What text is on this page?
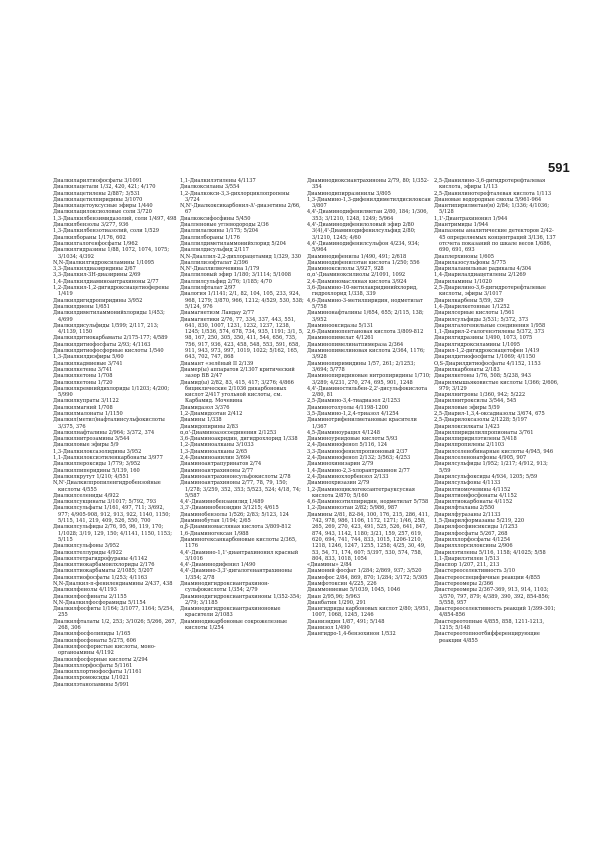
591
Диалкиларилтиофосфаты 3/1091
Диалкилацетали 1/32, 420, 421; 4/170
Диалкилацетилены 2/887; 3/531
Диалкилацетилпиридины 3/1070
Диалкилацетоуксусные эфиры 1/440
Диалкилацилоксиоловые соли 3/720
1,3-Диалкилбензимидазолий, соли 1/497, 498
Диалкилбензолы 3/277, 936
1,3-Диалкилбензотиазолий, соли 1/529
Диалкилбораны 1/176, 602
Диалкилгалогенфосфаты 1/962
Диалкилгидразины 1/88, 1072, 1074, 1075; 3/1034; 4/392
N,N-Диалкилгидроксиламины 1/1095
3,3-Диалкилдиазиридины 2/67
3,3-Диалкил-3Н-диазирины 2/69
1,4-Диалкилдиаминоантрахиноны 2/77
1,2-Диалкил-1,2-дигидроксиацетиоферены 1/419
Диалкилдигидропиридины 3/952
Диалкилдиены 1/651
Диалкилдиметиламмонийхлориды 1/453; 4/699
Диалкилдисульфиды 1/599; 2/117, 213; 4/1139, 1150
Диалкилдитиокарбаматы 2/175-177; 4/589
Диалкилдитиофосфаты 2/93; 4/1163
Диалкилдитиофосфорные кислоты 1/540
1,3-Диалкилдиэфиры 5/60
Диалкилкадмиевые 3/741
Диалкилкетены 3/741
Диалкилкетоны 1/708
Диалкилкетоны 1/720
Диалкилкремнийдихлориды 1/1203; 4/200; 5/990
Диалкилкупраты 3/1122
Диалкилмагний 1/708
Диалкилмалонаты 1/1150
Диалкил(метил)нафталинсульфокислоты 3/375, 376
Диалкилнафталины 2/964; 3/372, 374
Диалкилнитрозамины 3/544
Диалкиловые эфиры 5/9
1,3-Диалкилоксазолидины 3/952
1,1-Диалкилоксиэтиленкарбонаты 3/977
Диалкилпероксиды 1/779; 3/952
Диалкилпиперидины 5/139, 160
Диалкилкрутут 1/210; 4/551
N,N'-Диалкилпропиленгидробензойные кислоты 4/555
Диалкилселениды 4/922
Диалкилсукцинаты 3/1017; 5/792, 793
Диалкилсульфаты 1/161, 497, 711; 3/692, 977; 4/905-908, 912, 913, 922, 1140, 1150; 5/115, 141, 219, 409, 526, 550, 700
Диалкилсульфиды 2/76, 95, 96, 119, 170; 1/1028; 3/19, 129, 150; 4/1141, 1150, 1153; 5/115
Диалкилсульфоны 3/952
Диалкилтеллуриды 4/922
Диалкилтетрагидрофураны 4/1142
Диалкилтиокарбамоилхлориды 2/176
Диалкилтиокарбаматы 2/1085; 5/207
Диалкилтиофосфаты 1/253; 4/1163
N,N-Диалкил-п-фенилендиамины 2/437, 438
Диалкилфенолы 4/1193
Диалкилфосфинаты 2/1155
N,N-Диалкилфосфорамиды 5/1154
Диалкилфосфиты 1/164; 3/1077, 1164; 5/254, 255
Диалкилфталаты 1/2, 253; 3/1026; 5/266, 267, 268, 306
Диалкилфосфолипиды 1/165
Диалкилфосфонаты 5/275, 606
Диалкилфосфористые кислоты, моно-органоамины 4/1192
Диалкилфосфорные кислоты 2/294
Диалкилхлорфосфаты 5/1161
Диалкилхлортиофосфаты 1/1161
Диалкилхромоксиды 1/1021
Диалкилэтаноламины 5/991
1,1-Диалкилэтилены 4/1137
Диалкоксиланы 3/554
1,2-Диалкокси-3,3-дихлорциклопропены 3/724
N,N'-Диалкоксикарбонил-Δ'-диазетины 2/66, 67
Диалкоксифосфины 5/450
Диалленовые углеводороды 2/36
Диаллилалкины 1/175; 5/204
Диаллилбораны 1/176
Диаллилдиметиламмонийхлорид 5/204
Диаллилдисульфид 2/117
N,N-Диаллил-2,2-дихлорацетамид 1/329, 330
Диаллилизофталат 2/396
N,N'-Диаллилмочевина 1/179
Диаллиловый эфир 1/180; 3/1114; 5/1008
Диаллилсульфид 2/76; 1/185; 4/70
Диаллилфталат 2/97
Диалогия 1/1141; 2/1, 82, 104, 105, 233, 924, 968, 1279; 3/870, 966, 1212; 4/529, 530, 538; 5/124, 976
Диамагнетизм Ландау 2/77
Диамагнетики 2/76, 77, 334, 337, 443, 551, 641, 830, 1007, 1231, 1232, 1237, 1238, 1245; 1/536, 574, 678, 734, 935, 1191; 3/1, 5, 98, 167, 250, 305, 350, 411, 544, 656, 735, 756, 917, 936, 423, 458, 548, 553, 591, 658, 911, 943, 973, 997, 1019, 1022; 5/162, 165, 643, 702, 747, 868
Диамант «зелёный II 2/139
Диамер(ы) аппаратов 2/1307 критический зазор ВВ 2/47
Диамид(ы) 2/82, 83, 415, 417; 3/276; 4/866 бициклические 2/1036 дикарбоновых кислот 2/417 угольной кислоты, см. Карбамид. Мочевина
Диамидазол 3/376
1,2-Диамидоэтан 2/412
Диамины 1/338
Диамидопирины 2/83
α,α'-Диаминоазосоединения 2/1253
3,6-Диаминоакридин, дигидрохлорид 1/338
1,2-Диаминоалканы 3/1033
1,3-Диаминоалканы 2/65
2,4-Диаминоанилин 3/694
Диаминоантрапуринатов 2/74
Диаминоантрахиноны 2/77
Диаминоантрахинонсульфокислоты 2/78
Диаминоантрахиноны 2/77, 78, 79, 150; 1/278; 3/259, 352, 353; 5/523, 524; 4/18, 74; 5/587
4,4'-Диаминобензанилид 1/489
3,3'-Диаминобензидин 3/1215; 4/615
Диаминобензолы 1/526; 2/83; 5/123, 124
Диаминобутан 1/194; 2/65
α,β-Диаминомасляная кислота 3/809-812
1,6-Диаминогексан 1/988
Диаминогексанкарбоновые кислоты 2/365, 1176
4,4'-Диамино-1,1'-диантрахинонил красный 3/1016
4,4'-Диаминодифенил 1/490
4,4'-Диамино-3,3'-дигалогенантрахиноны 1/354; 2/78
Диаминодигидроксиантрахинон-сульфокислоты 1/354; 2/79
Диаминодигидроксиантрахиноны 1/352-354; 2/79; 3/1185
Диаминодигидроксиантрахиноновые красители 2/1083
Диаминодикарбоновые сокрожелезные кислоты 1/254
Диаминодиоксиантрахиноны 2/79, 80; 1/352-354
Диаминодипирразинилы 3/805
1,3-Диамино-1,3-дифенилдиметилдисилоксан 3/807
4,4'-Диаминодифенилметан 2/80, 184; 1/306, 353; 3/1210, 1248, 1249; 5/964
4,4'-Диаминодифенилоловый эфир 2/80 3(4),4'-Диаминодифенилсульфид 2/80; 3/1210, 1245; 4/60
4,4'-Диаминодифенилсульфон 4/234, 934; 5/964
Диаминодифенилы 1/490, 491; 2/618
Диаминодифенилэтан кислота 1/250; 556
Диаминоксилолы 3/927, 928
α,α'-Диаминоксилиолы 2/1091, 1092
2,4-Диаминомасляная кислота 3/924
3,6-Диамино-10-метилакридинийхлорид, гидрохлорид 1/338, 339
4,6-Диамино-3-метилпиридин, нодметилат 5/758
Диаминонафталины 1/654, 655; 2/115, 138; 3/952
Диаминооксидазы 5/131
2,6-Диаминопентановая кислота 3/809-812
Диаминопимелат 4/1261
Диаминопимелинатпимераза 2/364
Диаминопимелиновая кислота 2/364, 1176; 3/928
Диаминопиримидины 1/57, 261; 2/1253; 3/694; 5/778
Диаминопиридиновые нитропиридины 1/710; 3/289; 4/231, 270, 274, 695, 901, 1248
4,4'-Диаминостильбен-2,2'-дисульфокислота 2/80, 81
2,5-Диамино-3,4-тиадиазол 2/1253
Диаминотолуолы 4/1198-1200
3,5-Диамино-1,2,4-триазол 4/1254
Диаминотрифенилметановые красители 1/367
4,5-Диаминоурацил 4/1248
Диаминоуреидовые кислоты 5/93
2,4-Диаминофенол 5/116, 124
3,3-Диаминофенилпропионовый 2/37
2,4-Диаминофенол 2/132; 3/563; 4/253
Диаминохинизарин 2/79
1,4-Диамино-2,3-хлорантрахинон 2/77
2,4-Диаминохлорбензол 2/133
Диаминохризазин 2/79
1,2-Диаминоциклогексантетрауксусная кислота 2/870; 5/160
4,6-Диаминоэтилпиридин, нодметилат 5/758
1,2-Диаминоэтан 2/82; 5/986, 987
Диамины 2/81, 82-84, 100, 176, 215, 286, 411, 742, 978, 986, 1106, 1172, 1271; 1/46, 258, 265, 269, 270, 423, 491, 525, 526, 641, 847, 874, 943, 1142, 1180; 3/21, 159, 257, 619, 620, 694, 741, 744, 833, 1015, 1206-1210, 1218, 1246, 1247, 1255, 1258; 4/25, 30, 49, 53, 54, 71, 174, 607; 5/397, 530, 574, 758, 804, 833, 1018, 1054
«Диамины» 2/84
Диамоний фосфат 1/284; 2/869, 937; 3/520
Диамофос 2/84, 869, 870; 1/284; 3/172; 5/305
Диамфотоксин 4/225, 226
Диаммониевые 5/1039, 1045, 1046
Диан 2/95,96; 5/963
Дианбатин 1/290, 291
Диангидриды карбоновых кислот 2/80; 3/951, 1007, 1068, 1245, 1246
Дианизидин 1/87, 491; 5/148
Дианизол 1/490
Диангидро-1,4-бензохинон 1/532
2,5-Дианилино-3,6-дигидротерефталевая кислота, эфиры 1/113
2,5-Дианилинотерефталевая кислота 1/113
Диановые водородные смолы 5/961-964
Диантипирилметан(м) 2/84; 1/336; 4/1036; 5/128
1,1'-Диантрахинонил 1/944
Диантримиды 1/944
Диапазоны аналитические детекторов 2/42-45 определяемых концентраций 3/136, 137 отсчета показаний по шкале весов 1/686, 690, 691, 693
Диаплерхиноны 1/605
Диарилазосульфоны 5/775
Диарилаланильные радикалы 4/304
1,4-Диарилалдиацетилены 2/1269
Диариламины 1/1020
2,5-Диарилино-3,6-дигидротерефталевые кислоты, эфиры 3/1017
Диарилкарбены 5/59, 329
1,4-Диарилкетонные 1/1252
Диарилсерные кислоты 1/561
Диарилсульфиды 3/531; 5/372, 373
Диарилгалогенильные соединения 1/958
1,1-Диарил-2-галогенэтилены 5/372, 373
Диарилгидразины 1/490, 1073, 1075
Диарилгидроксиламины 1/1095
Диарил-1,2-дигидроксиацетофен 1/419
Диарилдитиофосфиты 1/1069; 4/1150
O,S-Диарилдитиофосфаты 4/1152, 1153
Диарилкарбонаты 2/183
Диарилкетоны 1/76, 508; 5/238, 943
Диарилмышьяковистые кислоты 1/366; 2/606, 979; 3/129
Диарилнитроны 1/360, 942; 5/222
Диарилнитроксилы 3/544, 545
Диариловые эфиры 5/59
2,5-Диарил-1,3,4-оксадиазолы 3/674, 675
2,5-Диарилоксазолы 2/1228; 5/197
Диарилоксилкаты 1/423
Диарилпиридилилпропионаты 3/761
Диарилпиридилэтилены 5/418
Диарилпропилены 2/1103
Диарилселенобинарные кислоты 4/945, 946
Диарилселенонатфоны 4/905, 907
Диарилсульфиды 1/952; 1/217; 4/912, 913; 5/59
Диарилсульфоксиды 4/934, 1205; 5/59
Диарилсульфоны 4/1133
Диарилтиомочевины 4/1152
Диарилтионфосфонаты 4/1152
Диарилтиокарбонаты 4/1152
Диарилфталаны 2/550
Диарилфуразаны 2/1133
1,5-Диарилформазаны 5/219, 220
Диарилфосфинсиксиды 1/1253
Диарилфосфаты 5/267, 268
Диарилхлорфосфаты 4/1254
Диарилхлорсилоксины 2/906
Диарилэтилены 5/116, 1158; 4/1025; 5/58
1,1-Диарилэтилен 1/513
Диаспор 1/207, 211, 213
Диастереоселективность 3/10
Диастереоспецифичные реакции 4/855
Диастереомеры 2/366
Диастереомеры 2/367-369, 913, 914, 1103; 3/570, 797, 879; 4/389, 390, 392, 854-856; 5/558, 957
Диастереоселективность реакций 1/399-301; 4/854-856
Диастереотопные 4/855, 858, 1211-1213, 1215; 5/148
Диастереотопноотбифференцирующие реакции 4/855
